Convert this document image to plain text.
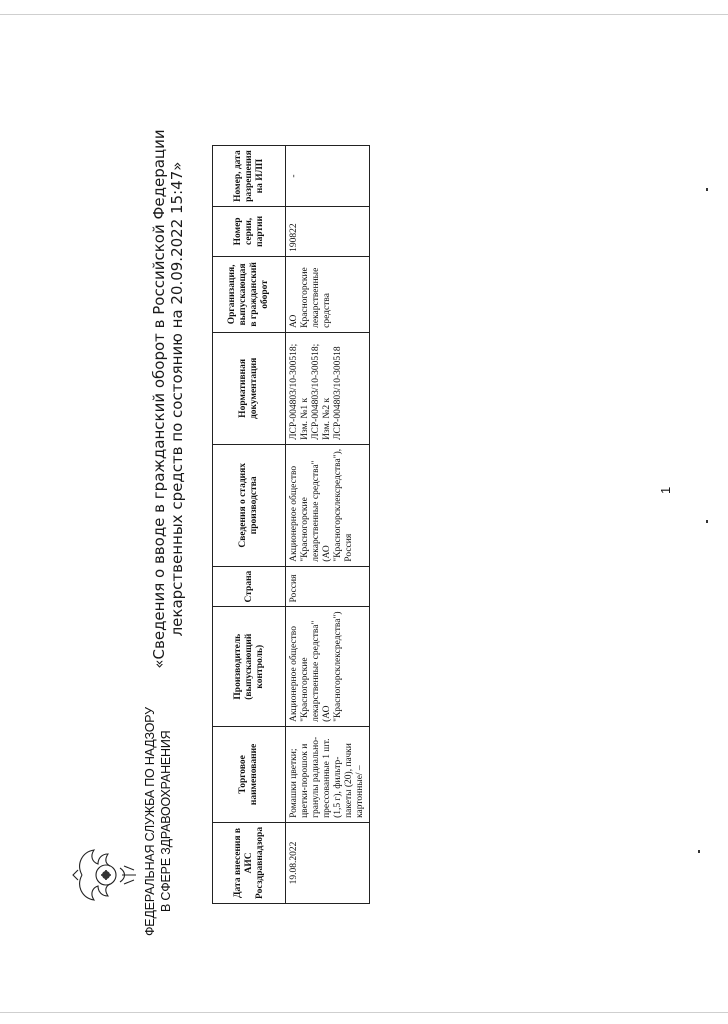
ФЕДЕРАЛЬНАЯ СЛУЖБА ПО НАДЗОРУ В СФЕРЕ ЗДРАВООХРАНЕНИЯ
«Сведения о вводе в гражданский оборот в Российской Федерации лекарственных средств по состоянию на 20.09.2022 15:47»
Дата внесения в АИС Росздравнадзора	Торговое наименование	Производитель (выпускающий контроль)	Страна	Сведения о стадиях производства	Нормативная документация	Организация, выпускающая в гражданский оборот	Номер серии, партии	Номер, дата разрешения на ИЛП
19.08.2022	Ромашки цветки; цветки-порошок и гранулы радиально-прессованные 1 шт. (1,5 г), фильтр-пакеты (20), пачки картонные/ –	Акционерное общество "Красногорские лекарственные средства" (АО "Красногорсклексредства")	Россия	Акционерное общество "Красногорские лекарственные средства" (АО "Красногорсклексредства"), Россия	ЛСР-004803/10-300518; Изм. №1 к ЛСР-004803/10-300518; Изм. №2 к ЛСР-004803/10-300518	АО Красногорские лекарственные средства	190822	-
1
